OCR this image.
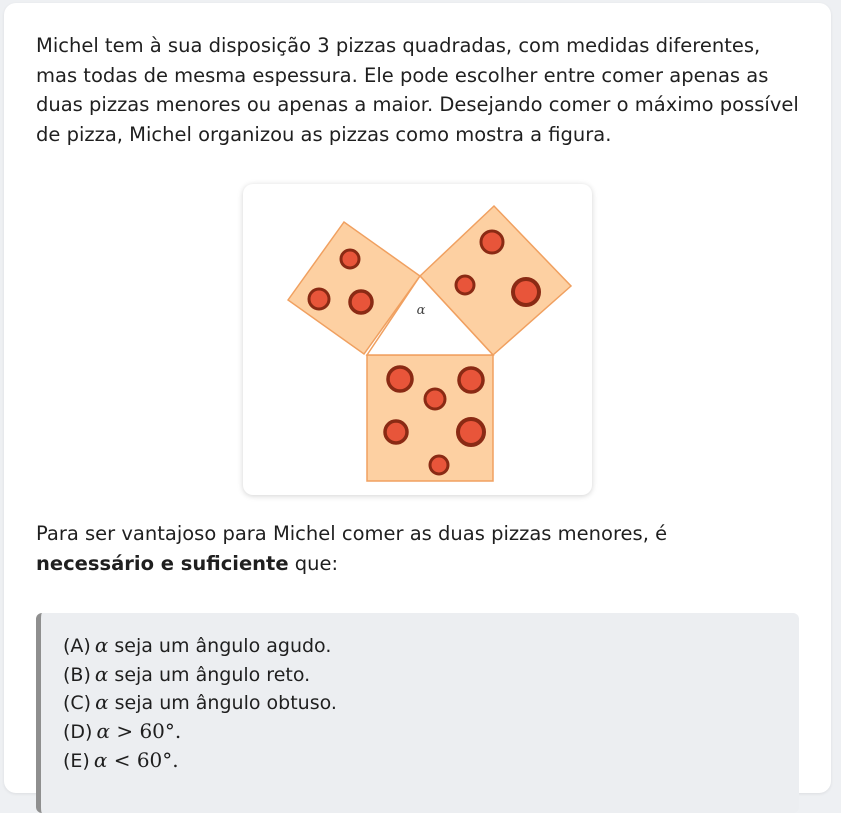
Michel tem à sua disposição 3 pizzas quadradas, com medidas diferentes, mas todas de mesma espessura. Ele pode escolher entre comer apenas as duas pizzas menores ou apenas a maior. Desejando comer o máximo possível de pizza, Michel organizou as pizzas como mostra a figura.

α

Para ser vantajoso para Michel comer as duas pizzas menores, é
necessário e suficiente que:

(A) α seja um ângulo agudo.
(B) α seja um ângulo reto.
(C) α seja um ângulo obtuso.
(D) α > 60°.
(E) α < 60°.
